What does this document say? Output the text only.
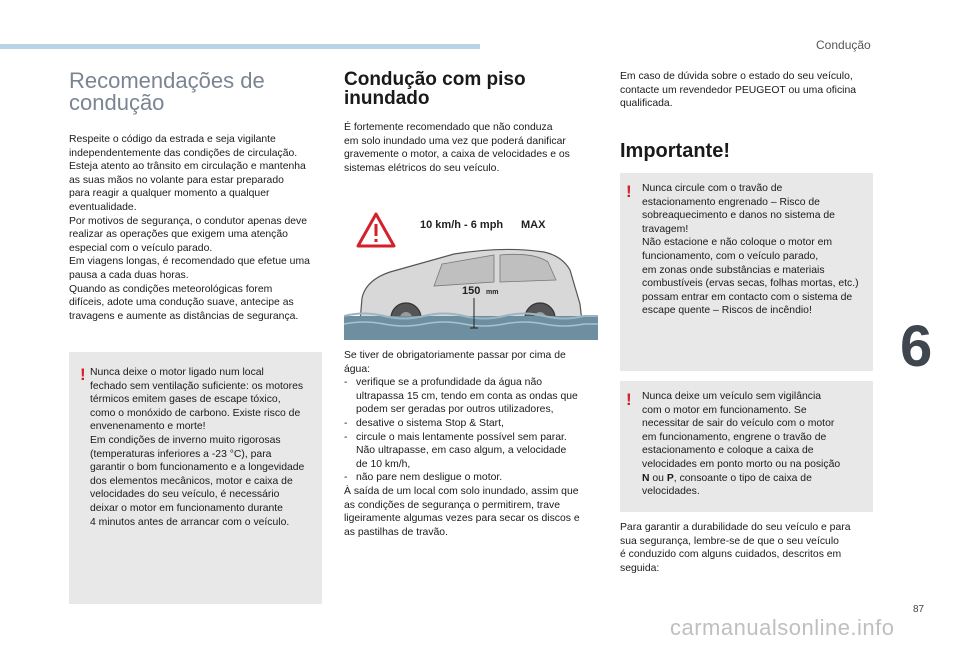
Condução
6
87
carmanualsonline.info
Recomendações de
condução

Respeite o código da estrada e seja vigilante

independentemente das condições de circulação.

Esteja atento ao trânsito em circulação e mantenha

as suas mãos no volante para estar preparado

para reagir a qualquer momento a qualquer

eventualidade.

Por motivos de segurança, o condutor apenas deve

realizar as operações que exigem uma atenção

especial com o veículo parado.

Em viagens longas, é recomendado que efetue uma

pausa a cada duas horas.

Quando as condições meteorológicas forem

difíceis, adote uma condução suave, antecipe as

travagens e aumente as distâncias de segurança.

! Nunca deixe o motor ligado num local

fechado sem ventilação suficiente: os motores

térmicos emitem gases de escape tóxico,

como o monóxido de carbono. Existe risco de

envenenamento e morte!

Em condições de inverno muito rigorosas

(temperaturas inferiores a -23 °C), para

garantir o bom funcionamento e a longevidade

dos elementos mecânicos, motor e caixa de

velocidades do seu veículo, é necessário

deixar o motor em funcionamento durante

4 minutos antes de arrancar com o veículo.

Condução com piso
inundado

É fortemente recomendado que não conduza

em solo inundado uma vez que poderá danificar

gravemente o motor, a caixa de velocidades e os

sistemas elétricos do seu veículo.

10 km/h - 6 mph MAX
150 mm

Se tiver de obrigatoriamente passar por cima de

água:

- verifique se a profundidade da água não
ultrapassa 15 cm, tendo em conta as ondas que
podem ser geradas por outros utilizadores,
- desative o sistema Stop & Start,
- circule o mais lentamente possível sem parar.
Não ultrapasse, em caso algum, a velocidade
de 10 km/h,
- não pare nem desligue o motor.

À saída de um local com solo inundado, assim que

as condições de segurança o permitirem, trave

ligeiramente algumas vezes para secar os discos e

as pastilhas de travão.

Em caso de dúvida sobre o estado do seu veículo,

contacte um revendedor PEUGEOT ou uma oficina

qualificada.

Importante!
! Nunca circule com o travão de

estacionamento engrenado – Risco de

sobreaquecimento e danos no sistema de

travagem!

Não estacione e não coloque o motor em

funcionamento, com o veículo parado,

em zonas onde substâncias e materiais

combustíveis (ervas secas, folhas mortas, etc.)

possam entrar em contacto com o sistema de

escape quente – Riscos de incêndio!

! Nunca deixe um veículo sem vigilância

com o motor em funcionamento. Se

necessitar de sair do veículo com o motor

em funcionamento, engrene o travão de

estacionamento e coloque a caixa de

velocidades em ponto morto ou na posição

N ou P, consoante o tipo de caixa de

velocidades.

Para garantir a durabilidade do seu veículo e para

sua segurança, lembre-se de que o seu veículo

é conduzido com alguns cuidados, descritos em

seguida:
